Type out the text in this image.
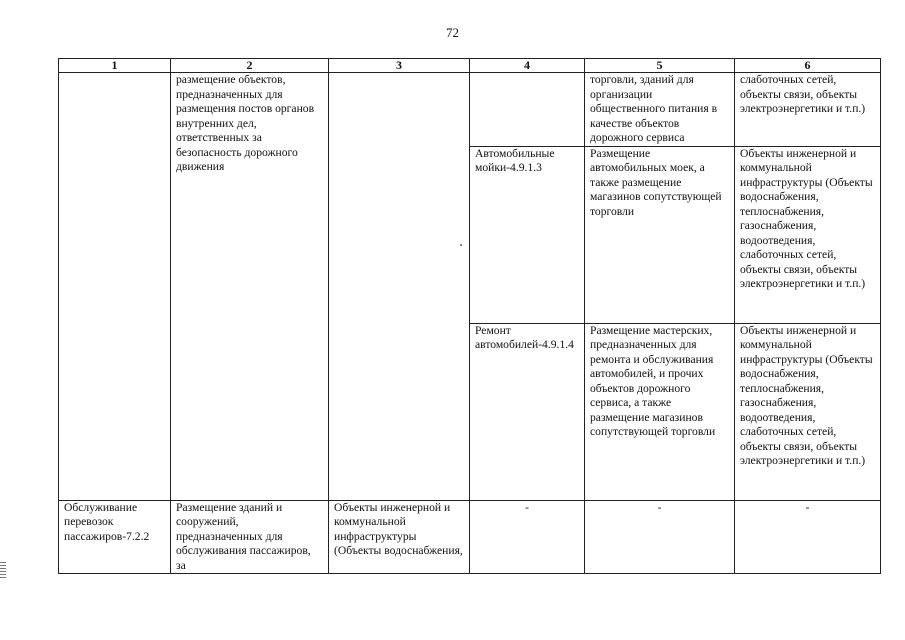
72
1	2	3	4	5	6
	размещение объектов, предназначенных для размещения постов органов внутренних дел, ответственных за безопасность дорожного движения			торговли, зданий для организации общественного питания в качестве объектов дорожного сервиса	слаботочных сетей, объекты связи, объекты электроэнергетики и т.п.)
			Автомобильные мойки-4.9.1.3	Размещение автомобильных моек, а также размещение магазинов сопутствующей торговли	Объекты инженерной и коммунальной инфраструктуры (Объекты водоснабжения, теплоснабжения, газоснабжения, водоотведения, слаботочных сетей, объекты связи, объекты электроэнергетики и т.п.)
			Ремонт автомобилей-4.9.1.4	Размещение мастерских, предназначенных для ремонта и обслуживания автомобилей, и прочих объектов дорожного сервиса, а также размещение магазинов сопутствующей торговли	Объекты инженерной и коммунальной инфраструктуры (Объекты водоснабжения, теплоснабжения, газоснабжения, водоотведения, слаботочных сетей, объекты связи, объекты электроэнергетики и т.п.)

Обслуживание перевозок пассажиров-7.2.2	Размещение зданий и сооружений, предназначенных для обслуживания пассажиров, за	Объекты инженерной и коммунальной инфраструктуры (Объекты водоснабжения,	-	-	-
